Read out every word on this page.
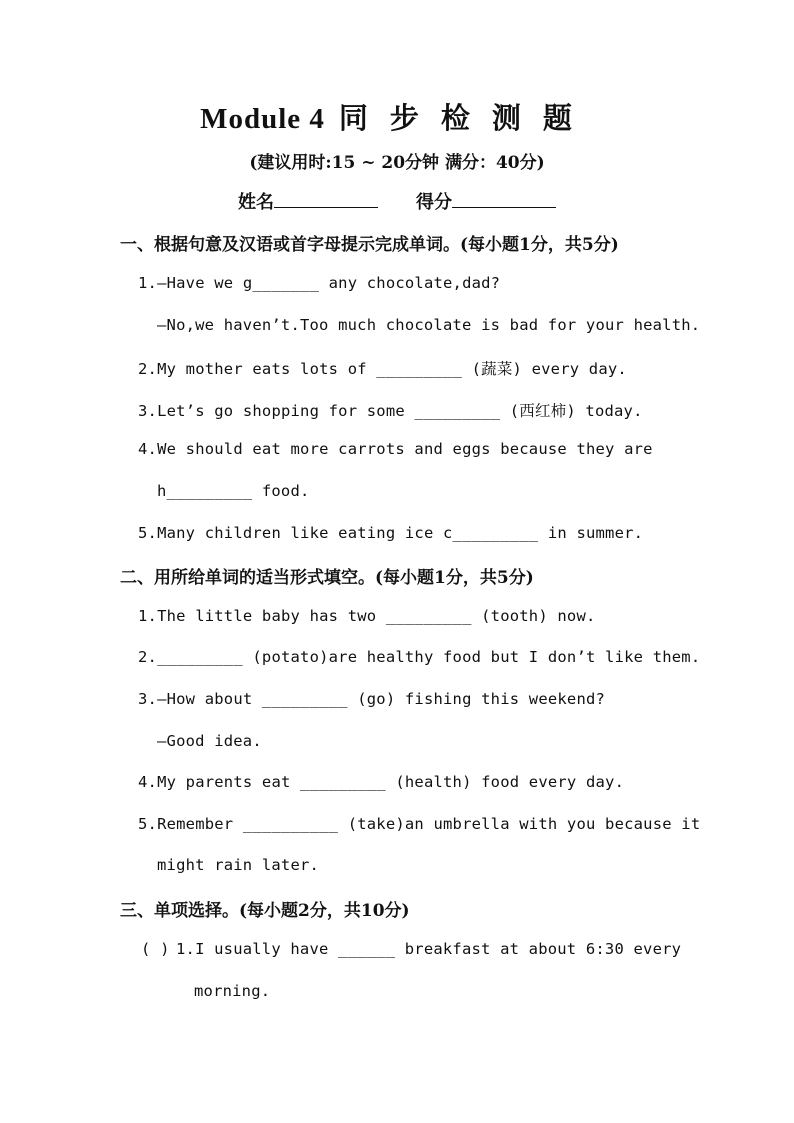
Module 4 同步检测题
(建议用时:15 ~ 20分钟 满分：40分)
姓名	得分
一、根据句意及汉语或首字母提示完成单词。(每小题1分，共5分)
1.—Have we g_______ any chocolate,dad?
—No,we haven’t.Too much chocolate is bad for your health.
2.My mother eats lots of _________ (蔬菜) every day.
3.Let’s go shopping for some _________ (西红柿) today.
4.We should eat more carrots and eggs because they are
h_________ food.
5.Many children like eating ice c_________ in summer.
二、用所给单词的适当形式填空。(每小题1分，共5分)
1.The little baby has two _________ (tooth) now.
2._________ (potato)are healthy food but I don’t like them.
3.—How about _________ (go) fishing this weekend?
—Good idea.
4.My parents eat _________ (health) food every day.
5.Remember __________ (take)an umbrella with you because it
might rain later.
三、单项选择。(每小题2分，共10分)
( ) 1.I usually have ______ breakfast at about 6:30 every
morning.
